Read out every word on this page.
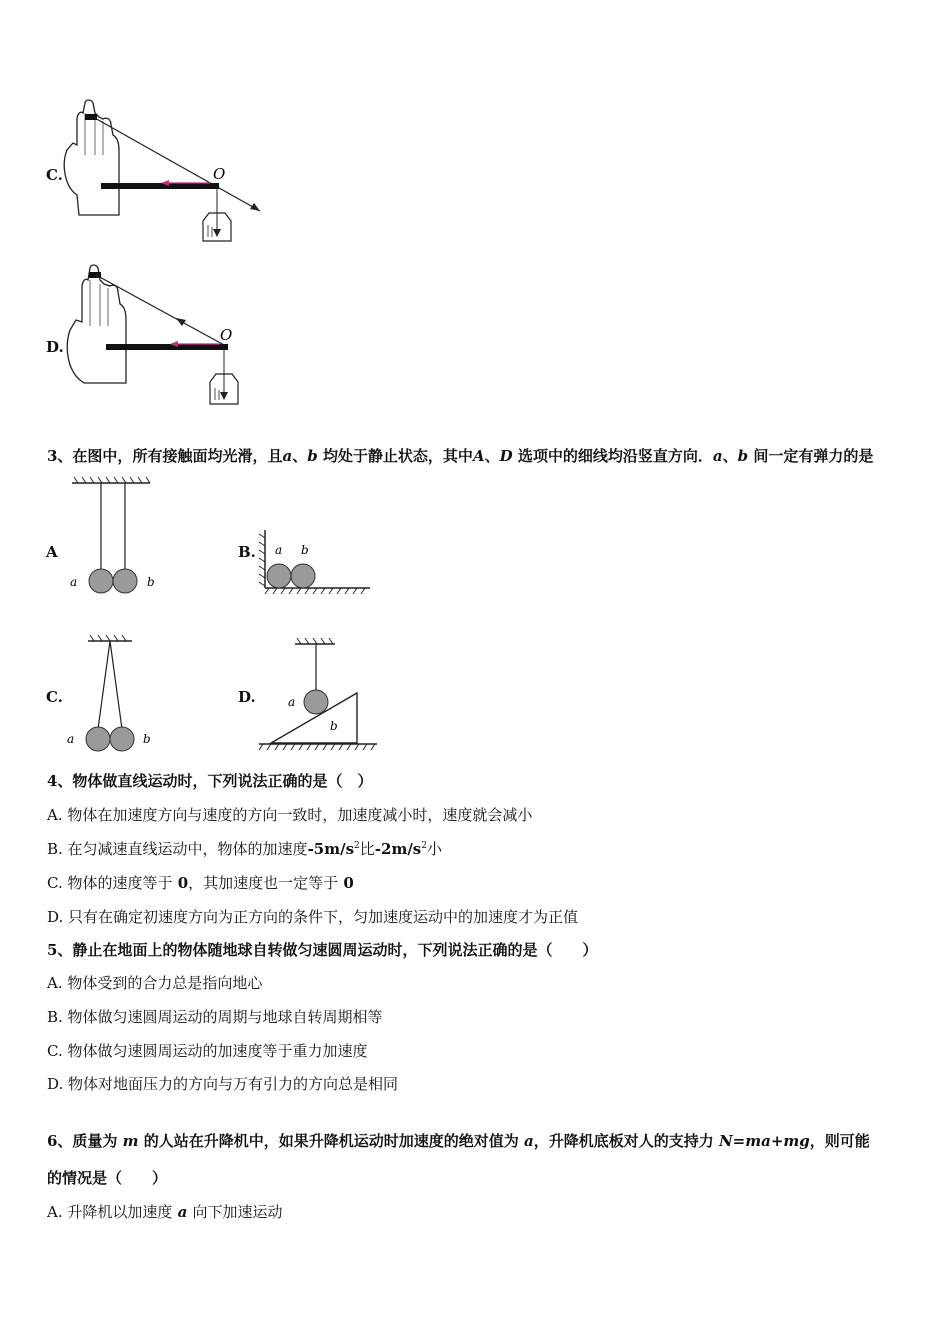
C.	O
D.
O
3、在图中，所有接触面均光滑，且a、b 均处于静止状态，其中A、D 选项中的细线均沿竖直方向．a、b 间一定有弹力的是
A
a	b
B. a b
C.
a	b
D.	a
b
4、物体做直线运动时，下列说法正确的是（　）
A. 物体在加速度方向与速度的方向一致时，加速度减小时，速度就会减小
B. 在匀减速直线运动中，物体的加速度$-5m/s^2$比$-2m/s^2$小
C. 物体的速度等于 0，其加速度也一定等于 0
D. 只有在确定初速度方向为正方向的条件下，匀加速度运动中的加速度才为正值
5、静止在地面上的物体随地球自转做匀速圆周运动时，下列说法正确的是（　　）
A. 物体受到的合力总是指向地心
B. 物体做匀速圆周运动的周期与地球自转周期相等
C. 物体做匀速圆周运动的加速度等于重力加速度
D. 物体对地面压力的方向与万有引力的方向总是相同
6、质量为 m 的人站在升降机中，如果升降机运动时加速度的绝对值为 a，升降机底板对人的支持力 N=ma+mg，则可能
的情况是（　　）
A. 升降机以加速度 a 向下加速运动
